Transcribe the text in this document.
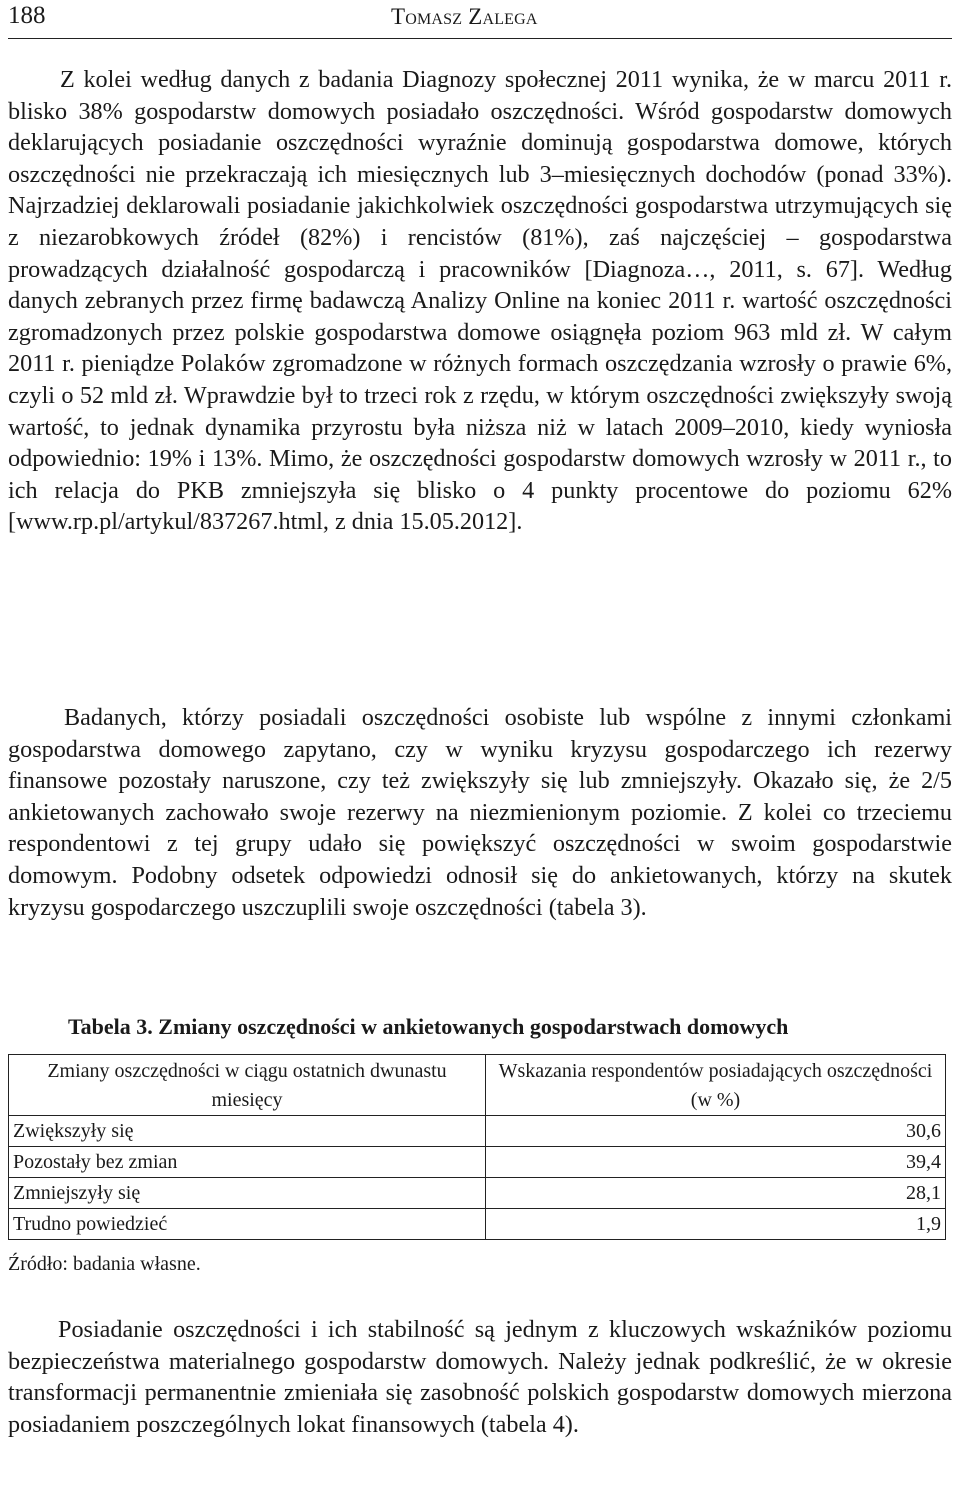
188	Tomasz Zalega

Z kolei według danych z badania Diagnozy społecznej 2011 wynika, że w marcu 2011 r. blisko 38% gospodarstw domowych posiadało oszczędności. Wśród gospodarstw domowych deklarujących posiadanie oszczędności wyraźnie dominują gospodarstwa domowe, których oszczędności nie przekraczają ich miesięcznych lub 3–miesięcznych dochodów (ponad 33%). Najrzadziej deklarowali posiadanie jakichkolwiek oszczędności gospodarstwa utrzymujących się z niezarobkowych źródeł (82%) i rencistów (81%), zaś najczęściej – gospodarstwa prowadzących działalność gospodarczą i pracowników [Diagnoza…, 2011, s. 67]. Według danych zebranych przez firmę badawczą Analizy Online na koniec 2011 r. wartość oszczędności zgromadzonych przez polskie gospodarstwa domowe osiągnęła poziom 963 mld zł. W całym 2011 r. pieniądze Polaków zgromadzone w różnych formach oszczędzania wzrosły o prawie 6%, czyli o 52 mld zł. Wprawdzie był to trzeci rok z rzędu, w którym oszczędności zwiększyły swoją wartość, to jednak dynamika przyrostu była niższa niż w latach 2009–2010, kiedy wyniosła odpowiednio: 19% i 13%. Mimo, że oszczędności gospodarstw domowych wzrosły w 2011 r., to ich relacja do PKB zmniejszyła się blisko o 4 punkty procentowe do poziomu 62% [www.rp.pl/artykul/837267.html, z dnia 15.05.2012].

Badanych, którzy posiadali oszczędności osobiste lub wspólne z innymi członkami gospodarstwa domowego zapytano, czy w wyniku kryzysu gospodarczego ich rezerwy finansowe pozostały naruszone, czy też zwiększyły się lub zmniejszyły. Okazało się, że 2/5 ankietowanych zachowało swoje rezerwy na niezmienionym poziomie. Z kolei co trzeciemu respondentowi z tej grupy udało się powiększyć oszczędności w swoim gospodarstwie domowym. Podobny odsetek odpowiedzi odnosił się do ankietowanych, którzy na skutek kryzysu gospodarczego uszczuplili swoje oszczędności (tabela 3).

Tabela 3. Zmiany oszczędności w ankietowanych gospodarstwach domowych

Zmiany oszczędności w ciągu ostatnich dwunastu miesięcy	Wskazania respondentów posiadających oszczędności (w %)
Zwiększyły się	30,6
Pozostały bez zmian	39,4
Zmniejszyły się	28,1
Trudno powiedzieć	1,9

Źródło: badania własne.

Posiadanie oszczędności i ich stabilność są jednym z kluczowych wskaźników poziomu bezpieczeństwa materialnego gospodarstw domowych. Należy jednak podkreślić, że w okresie transformacji permanentnie zmieniała się zasobność polskich gospodarstw domowych mierzona posiadaniem poszczególnych lokat finansowych (tabela 4).
